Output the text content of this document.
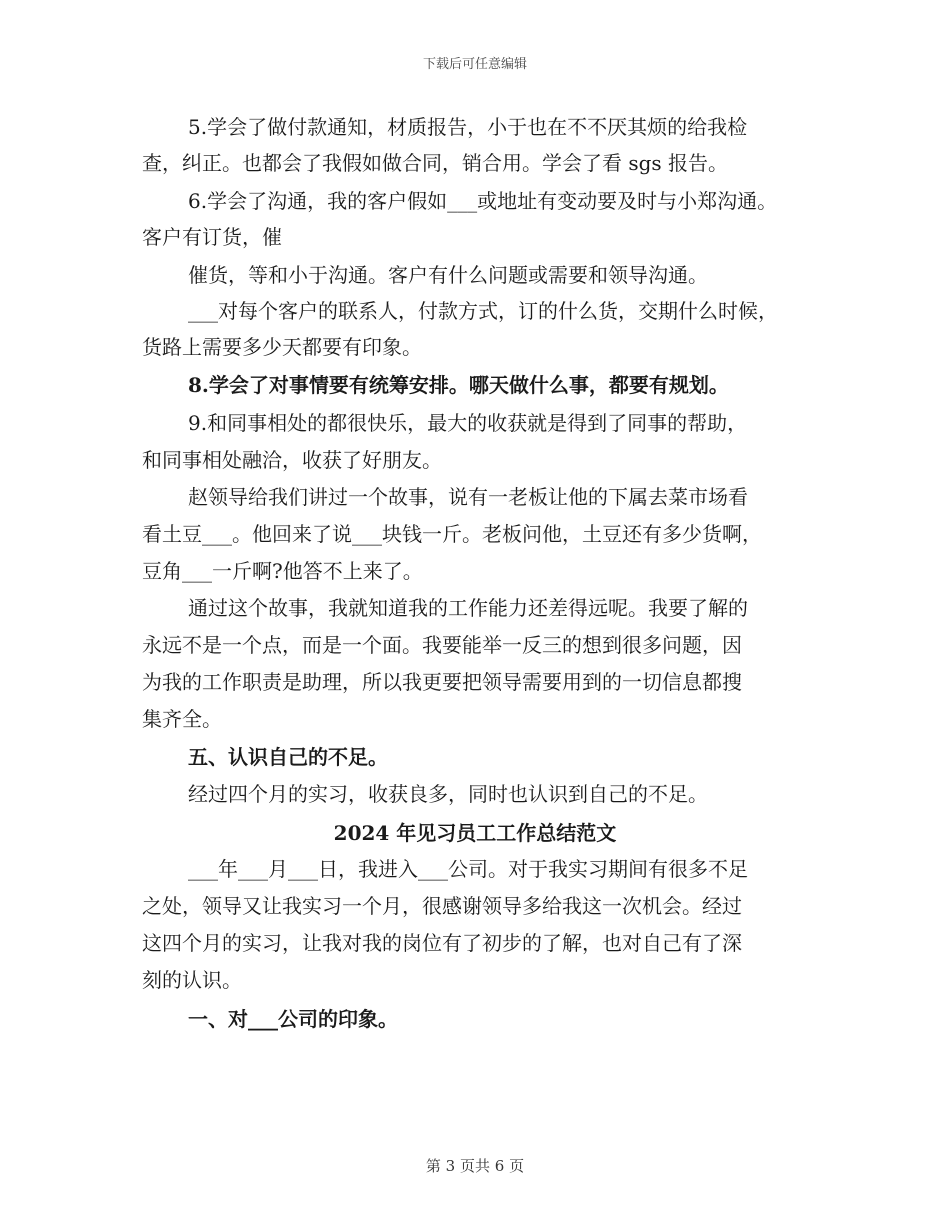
下载后可任意编辑
5.学会了做付款通知，材质报告，小于也在不不厌其烦的给我检
查，纠正。也都会了我假如做合同，销合用。学会了看 sgs 报告。
6.学会了沟通，我的客户假如___或地址有变动要及时与小郑沟通。
客户有订货，催
催货，等和小于沟通。客户有什么问题或需要和领导沟通。
___对每个客户的联系人，付款方式，订的什么货，交期什么时候，
货路上需要多少天都要有印象。
8.学会了对事情要有统筹安排。哪天做什么事，都要有规划。
9.和同事相处的都很快乐，最大的收获就是得到了同事的帮助，
和同事相处融洽，收获了好朋友。
赵领导给我们讲过一个故事，说有一老板让他的下属去菜市场看
看土豆___。他回来了说___块钱一斤。老板问他，土豆还有多少货啊，
豆角___一斤啊?他答不上来了。
通过这个故事，我就知道我的工作能力还差得远呢。我要了解的
永远不是一个点，而是一个面。我要能举一反三的想到很多问题，因
为我的工作职责是助理，所以我更要把领导需要用到的一切信息都搜
集齐全。
五、认识自己的不足。
经过四个月的实习，收获良多，同时也认识到自己的不足。
2024 年见习员工工作总结范文
___年___月___日，我进入___公司。对于我实习期间有很多不足
之处，领导又让我实习一个月，很感谢领导多给我这一次机会。经过
这四个月的实习，让我对我的岗位有了初步的了解，也对自己有了深
刻的认识。
一、对___公司的印象。
第 3 页共 6 页
